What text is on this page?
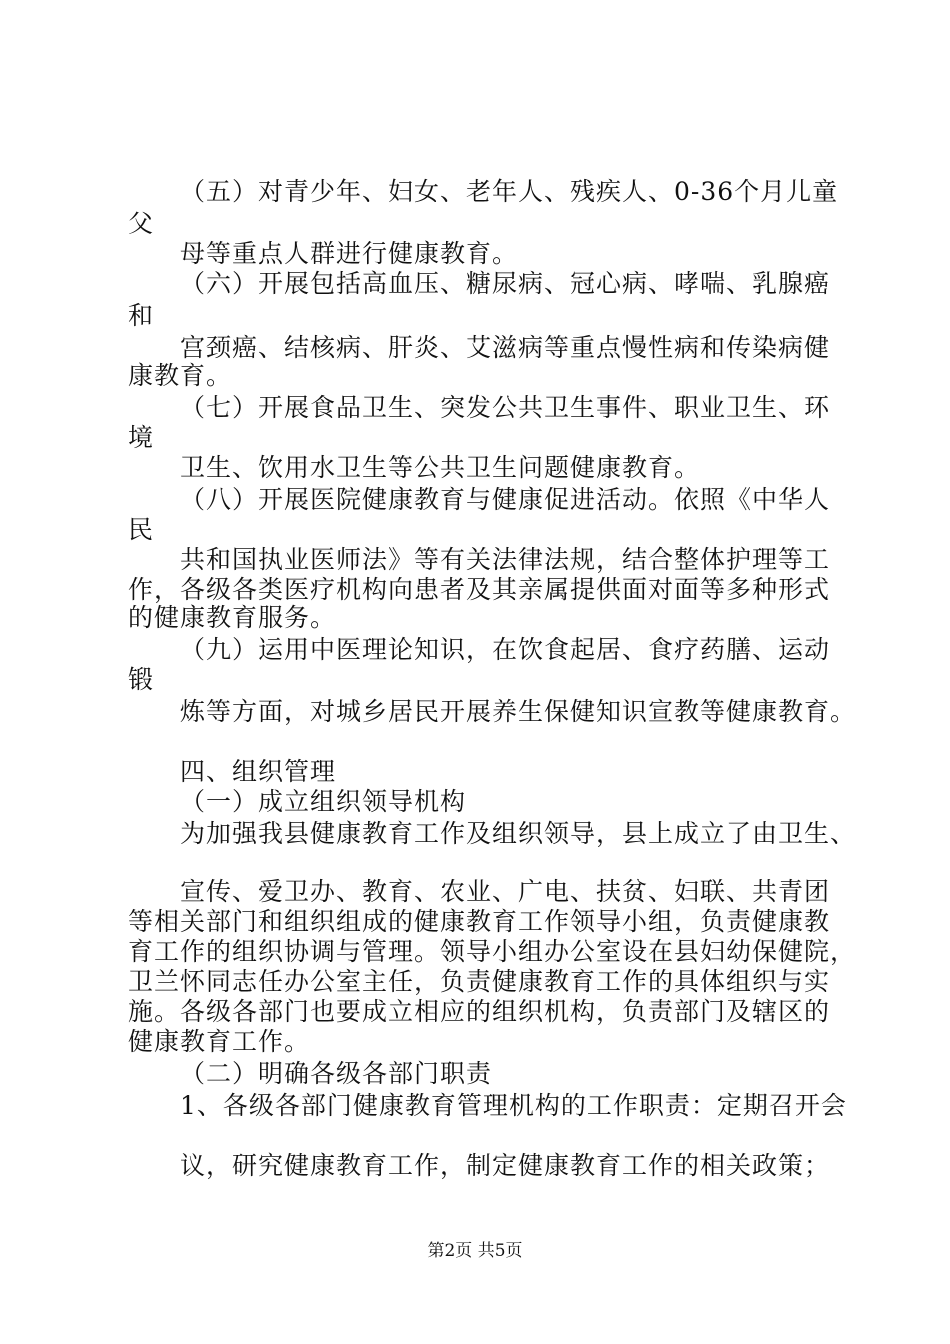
（五）对青少年、妇女、老年人、残疾人、0-36个月儿童
父
母等重点人群进行健康教育。
（六）开展包括高血压、糖尿病、冠心病、哮喘、乳腺癌
和
宫颈癌、结核病、肝炎、艾滋病等重点慢性病和传染病健
康教育。
（七）开展食品卫生、突发公共卫生事件、职业卫生、环
境
卫生、饮用水卫生等公共卫生问题健康教育。
（八）开展医院健康教育与健康促进活动。依照《中华人
民
共和国执业医师法》等有关法律法规，结合整体护理等工
作，各级各类医疗机构向患者及其亲属提供面对面等多种形式
的健康教育服务。
（九）运用中医理论知识，在饮食起居、食疗药膳、运动
锻
炼等方面，对城乡居民开展养生保健知识宣教等健康教育。
四、组织管理
（一）成立组织领导机构
为加强我县健康教育工作及组织领导，县上成立了由卫生、
宣传、爱卫办、教育、农业、广电、扶贫、妇联、共青团
等相关部门和组织组成的健康教育工作领导小组，负责健康教
育工作的组织协调与管理。领导小组办公室设在县妇幼保健院，
卫兰怀同志任办公室主任，负责健康教育工作的具体组织与实
施。各级各部门也要成立相应的组织机构，负责部门及辖区的
健康教育工作。
（二）明确各级各部门职责
1、各级各部门健康教育管理机构的工作职责：定期召开会
议，研究健康教育工作，制定健康教育工作的相关政策；
第2页 共5页
